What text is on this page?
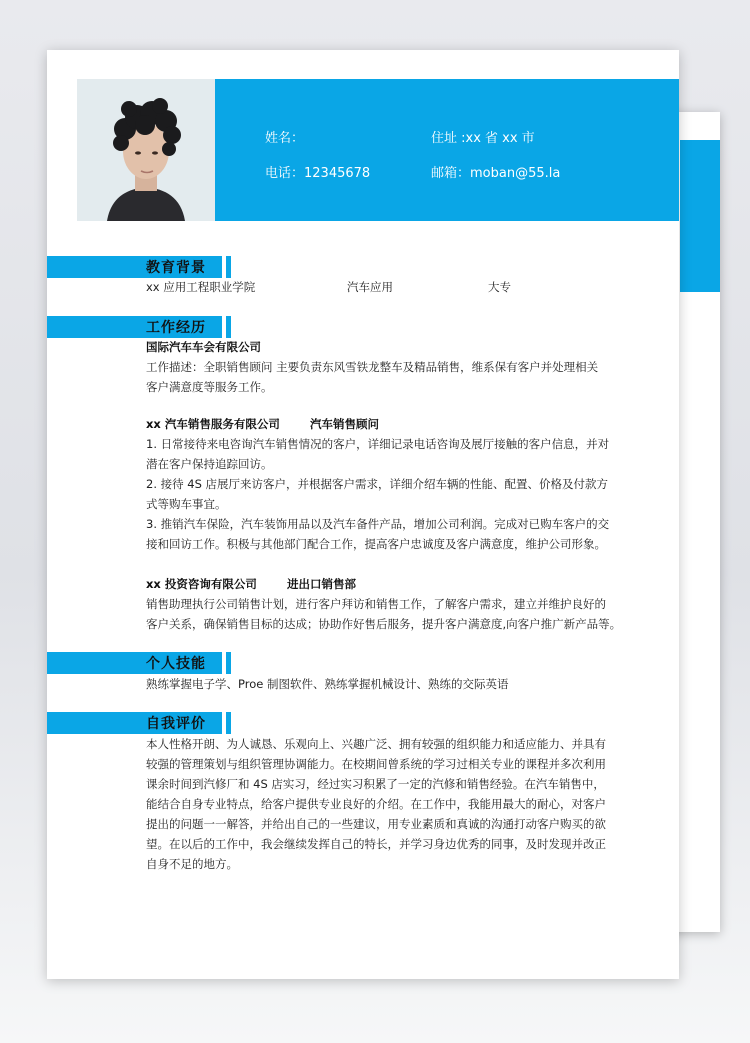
姓名：	住址 :xx 省 xx 市
电话：12345678	邮箱：moban@55.la
教育背景
xx 应用工程职业学院	汽车应用	大专
工作经历
国际汽车车会有限公司
工作描述：全职销售顾问 主要负责东风雪铁龙整车及精品销售，维系保有客户并处理相关
客户满意度等服务工作。
xx 汽车销售服务有限公司	汽车销售顾问
1. 日常接待来电咨询汽车销售情况的客户，详细记录电话咨询及展厅接触的客户信息，并对
潜在客户保持追踪回访。
2. 接待 4S 店展厅来访客户，并根据客户需求，详细介绍车辆的性能、配置、价格及付款方
式等购车事宜。
3. 推销汽车保险，汽车装饰用品以及汽车备件产品，增加公司利润。完成对已购车客户的交
接和回访工作。积极与其他部门配合工作，提高客户忠诚度及客户满意度，维护公司形象。
xx 投资咨询有限公司	进出口销售部
销售助理执行公司销售计划，进行客户拜访和销售工作，了解客户需求，建立并维护良好的
客户关系，确保销售目标的达成；协助作好售后服务，提升客户满意度,向客户推广新产品等。
个人技能
熟练掌握电子学、Proe 制图软件、熟练掌握机械设计、熟练的交际英语
自我评价
本人性格开朗、为人诚恳、乐观向上、兴趣广泛、拥有较强的组织能力和适应能力、并具有
较强的管理策划与组织管理协调能力。在校期间曾系统的学习过相关专业的课程并多次利用
课余时间到汽修厂和 4S 店实习，经过实习积累了一定的汽修和销售经验。在汽车销售中，
能结合自身专业特点，给客户提供专业良好的介绍。在工作中，我能用最大的耐心，对客户
提出的问题一一解答，并给出自己的一些建议，用专业素质和真诚的沟通打动客户购买的欲
望。在以后的工作中，我会继续发挥自己的特长，并学习身边优秀的同事，及时发现并改正
自身不足的地方。
